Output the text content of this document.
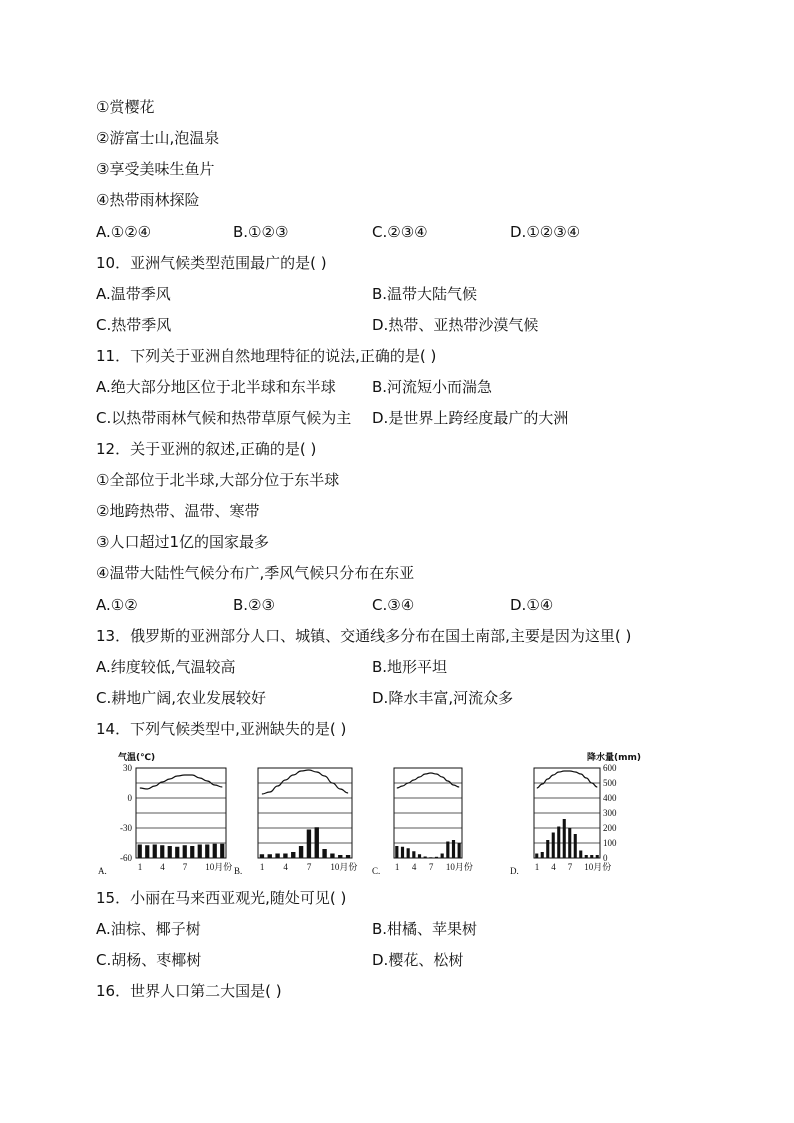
①赏樱花
②游富士山,泡温泉
③享受美味生鱼片
④热带雨林探险
A.①②④	B.①②③	C.②③④	D.①②③④
10．亚洲气候类型范围最广的是( )
A.温带季风	B.温带大陆气候
C.热带季风	D.热带、亚热带沙漠气候
11．下列关于亚洲自然地理特征的说法,正确的是( )
A.绝大部分地区位于北半球和东半球 B.河流短小而湍急
C.以热带雨林气候和热带草原气候为主 D.是世界上跨经度最广的大洲
12．关于亚洲的叙述,正确的是( )
①全部位于北半球,大部分位于东半球
②地跨热带、温带、寒带
③人口超过1亿的国家最多
④温带大陆性气候分布广,季风气候只分布在东亚
A.①②	B.②③	C.③④	D.①④
13．俄罗斯的亚洲部分人口、城镇、交通线多分布在国土南部,主要是因为这里( )
A.纬度较低,气温较高	B.地形平坦
C.耕地广阔,农业发展较好	D.降水丰富,河流众多
14．下列气候类型中,亚洲缺失的是( )
A.	1 4 7 10月份
气温(℃)
30
0
-30
-60
B. 1 4 7 10月份 C. 1 4 7 10月份	D. 1 4 7 10月份
降水量(mm)
600
500
400
300
200
100
0
15．小丽在马来西亚观光,随处可见( )
A.油棕、椰子树	B.柑橘、苹果树
C.胡杨、枣椰树	D.樱花、松树
16．世界人口第二大国是( )
